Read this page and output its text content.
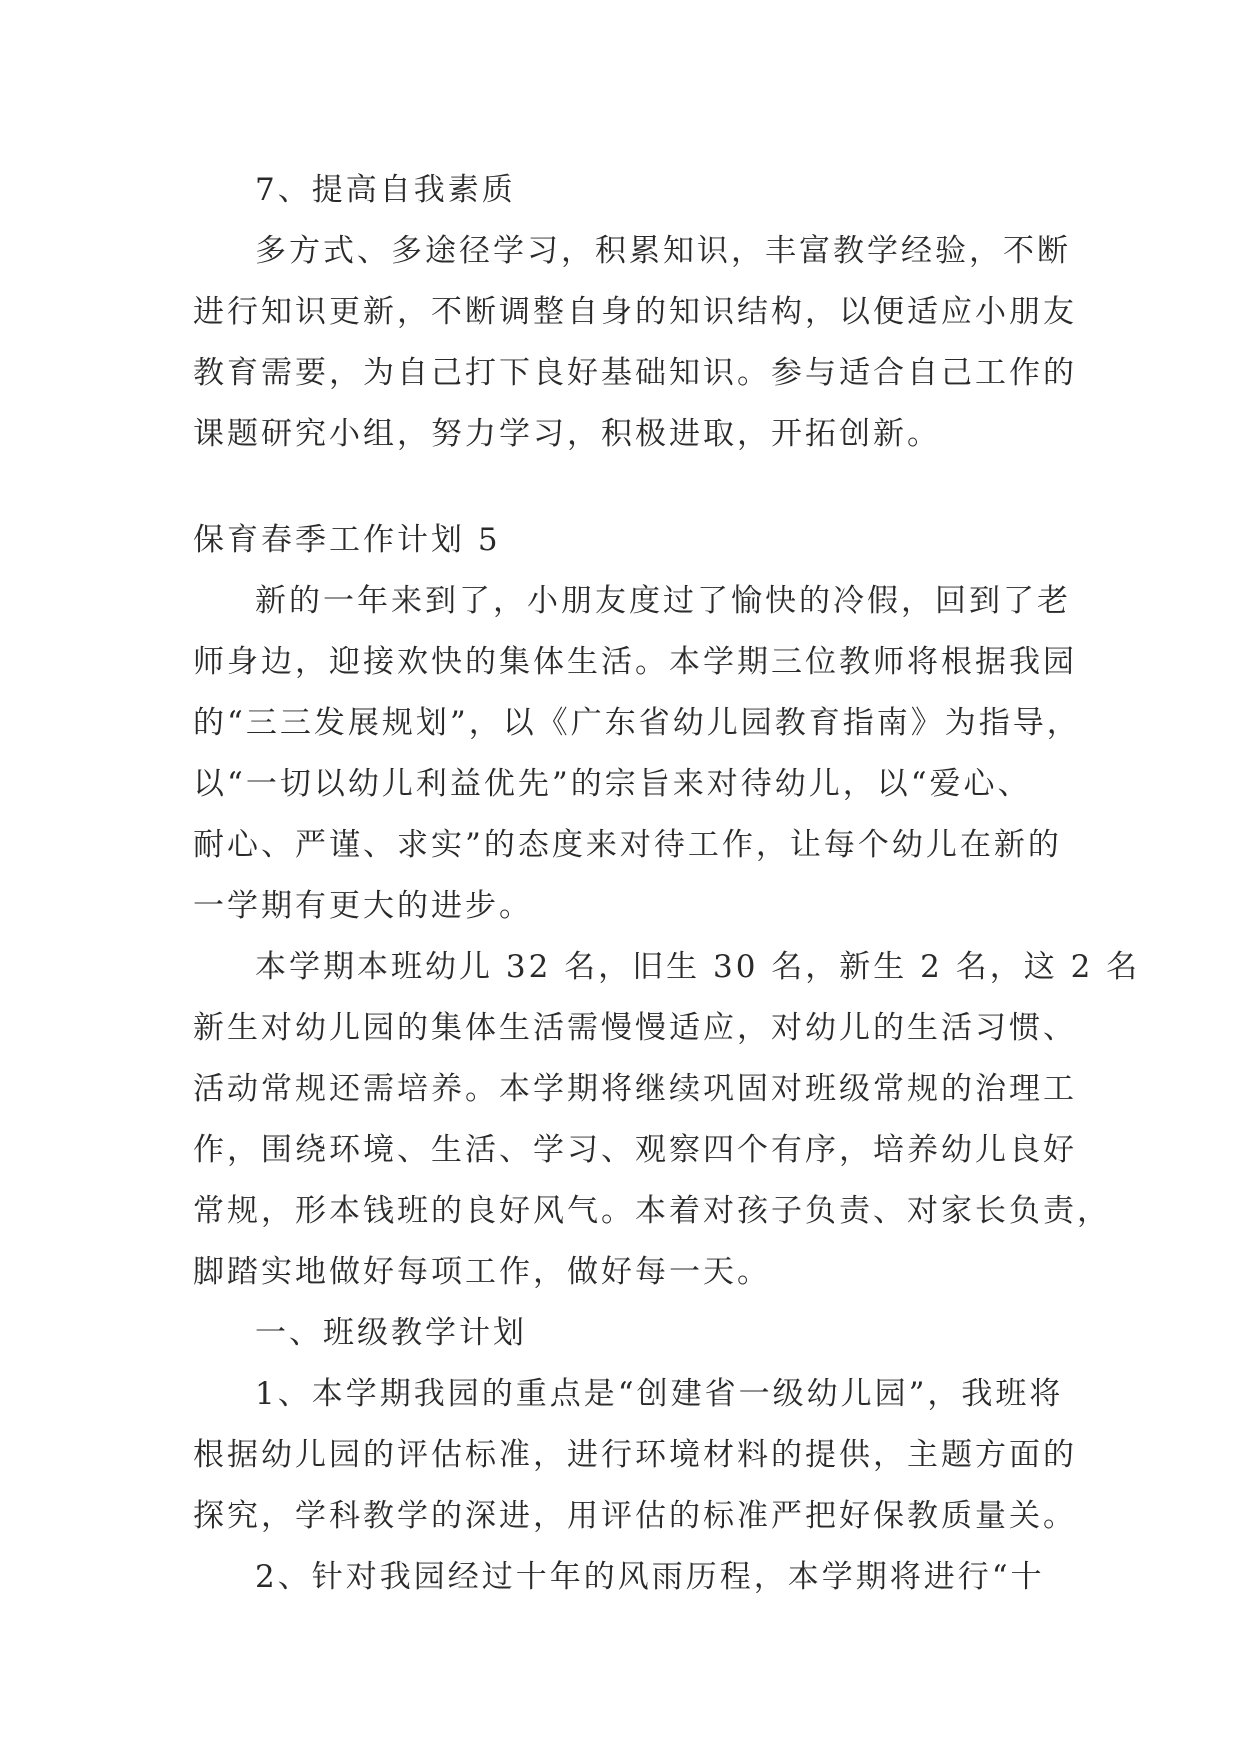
7、提高自我素质
多方式、多途径学习，积累知识，丰富教学经验，不断
进行知识更新，不断调整自身的知识结构，以便适应小朋友
教育需要，为自己打下良好基础知识。参与适合自己工作的
课题研究小组，努力学习，积极进取，开拓创新。
保育春季工作计划 5
新的一年来到了，小朋友度过了愉快的冷假，回到了老
师身边，迎接欢快的集体生活。本学期三位教师将根据我园
的“三三发展规划”，以《广东省幼儿园教育指南》为指导，
以“一切以幼儿利益优先”的宗旨来对待幼儿，以“爱心、
耐心、严谨、求实”的态度来对待工作，让每个幼儿在新的
一学期有更大的进步。
本学期本班幼儿 32 名，旧生 30 名，新生 2 名，这 2 名
新生对幼儿园的集体生活需慢慢适应，对幼儿的生活习惯、
活动常规还需培养。本学期将继续巩固对班级常规的治理工
作，围绕环境、生活、学习、观察四个有序，培养幼儿良好
常规，形本钱班的良好风气。本着对孩子负责、对家长负责，
脚踏实地做好每项工作，做好每一天。
一、班级教学计划
1、本学期我园的重点是“创建省一级幼儿园”，我班将
根据幼儿园的评估标准，进行环境材料的提供，主题方面的
探究，学科教学的深进，用评估的标准严把好保教质量关。
2、针对我园经过十年的风雨历程，本学期将进行“十
